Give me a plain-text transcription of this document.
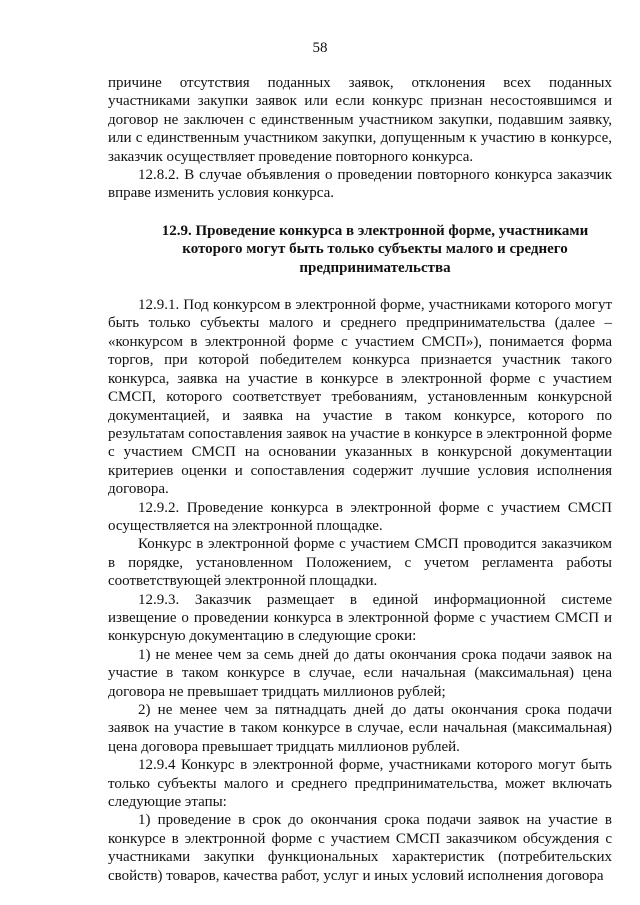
58

причине отсутствия поданных заявок, отклонения всех поданных участниками закупки заявок или если конкурс признан несостоявшимся и договор не заключен с единственным участником закупки, подавшим заявку, или с единственным участником закупки, допущенным к участию в конкурсе, заказчик осуществляет проведение повторного конкурса.

12.8.2. В случае объявления о проведении повторного конкурса заказчик вправе изменить условия конкурса.

12.9. Проведение конкурса в электронной форме, участниками которого могут быть только субъекты малого и среднего предпринимательства

12.9.1. Под конкурсом в электронной форме, участниками которого могут быть только субъекты малого и среднего предпринимательства (далее – «конкурсом в электронной форме с участием СМСП»), понимается форма торгов, при которой победителем конкурса признается участник такого конкурса, заявка на участие в конкурсе в электронной форме с участием СМСП, которого соответствует требованиям, установленным конкурсной документацией, и заявка на участие в таком конкурсе, которого по результатам сопоставления заявок на участие в конкурсе в электронной форме с участием СМСП на основании указанных в конкурсной документации критериев оценки и сопоставления содержит лучшие условия исполнения договора.

12.9.2. Проведение конкурса в электронной форме с участием СМСП осуществляется на электронной площадке.

Конкурс в электронной форме с участием СМСП проводится заказчиком в порядке, установленном Положением, с учетом регламента работы соответствующей электронной площадки.

12.9.3. Заказчик размещает в единой информационной системе извещение о проведении конкурса в электронной форме с участием СМСП и конкурсную документацию в следующие сроки:

1) не менее чем за семь дней до даты окончания срока подачи заявок на участие в таком конкурсе в случае, если начальная (максимальная) цена договора не превышает тридцать миллионов рублей;

2) не менее чем за пятнадцать дней до даты окончания срока подачи заявок на участие в таком конкурсе в случае, если начальная (максимальная) цена договора превышает тридцать миллионов рублей.

12.9.4 Конкурс в электронной форме, участниками которого могут быть только субъекты малого и среднего предпринимательства, может включать следующие этапы:

1) проведение в срок до окончания срока подачи заявок на участие в конкурсе в электронной форме с участием СМСП заказчиком обсуждения с участниками закупки функциональных характеристик (потребительских свойств) товаров, качества работ, услуг и иных условий исполнения договора
